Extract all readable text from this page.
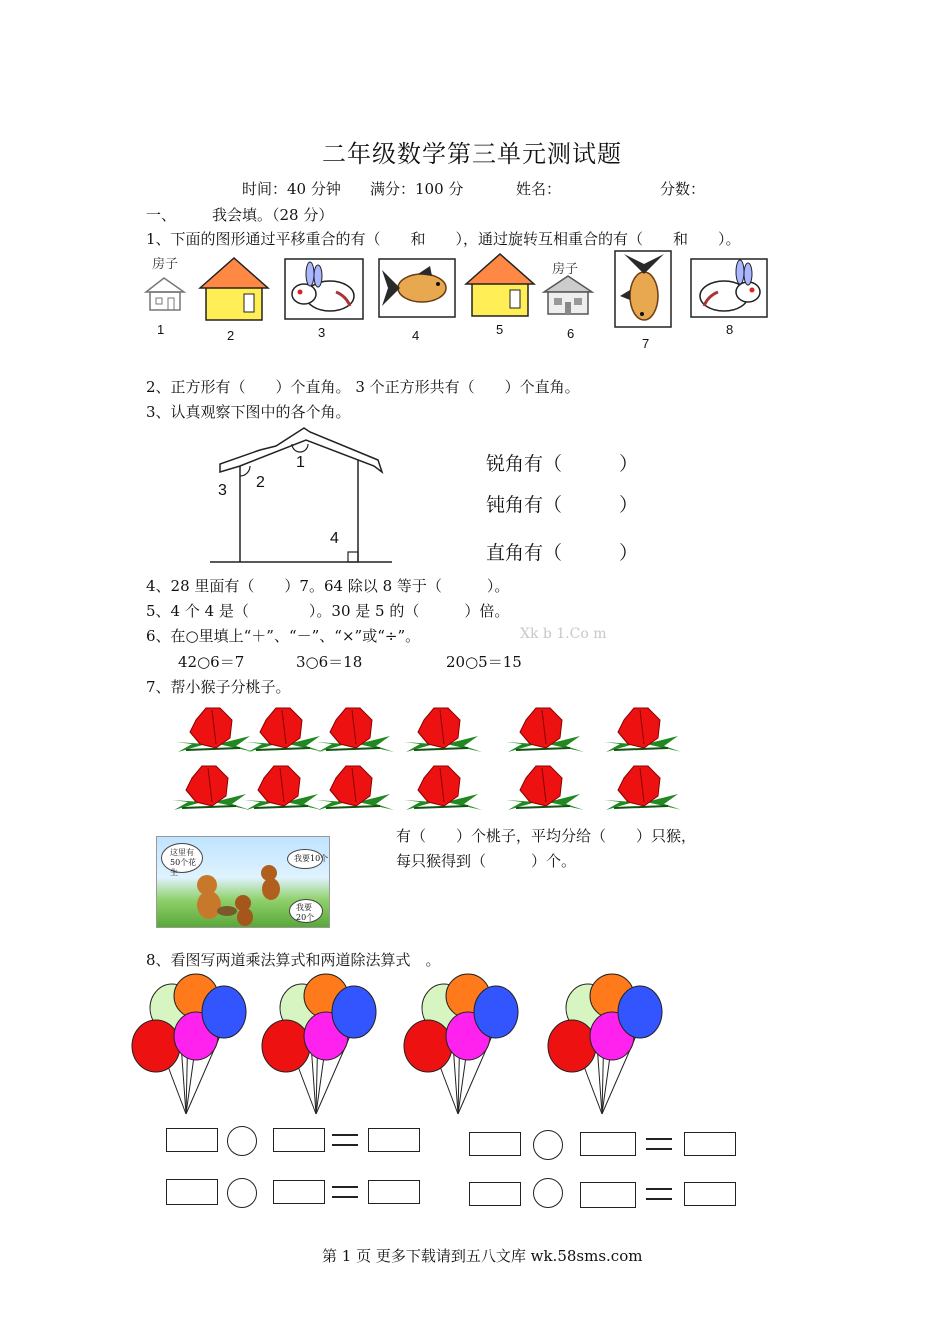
二年级数学第三单元测试题
时间：40 分钟 满分：100 分	姓名：	分数：
一、 我会填。（28 分）
1、下面的图形通过平移重合的有（　　和　　），通过旋转互相重合的有（　　和　　）。
房子	房子
1	2	3	4	5	6
7
8
2、正方形有（　　）个直角。 3 个正方形共有（　　）个直角。
3、认真观察下图中的各个角。
1
2
3
4
锐角有（　　　）
钝角有（　　　）
直角有（　　　）
4、28 里面有（　　）7。64 除以 8 等于（　　　）。
5、4 个 4 是（　　　　）。30 是 5 的（　　　）倍。
6、在○里填上“＋”、“－”、“×”或“÷”。	Xk b 1.Co m
42○6＝7	3○6＝18	20○5＝15
7、帮小猴子分桃子。
这里有50个花生
我要10个
我要20个
有（　　）个桃子，平均分给（　　）只猴，
每只猴得到（　　　）个。
8、看图写两道乘法算式和两道除法算式　。
第 1 页 更多下载请到五八文库 wk.58sms.com
